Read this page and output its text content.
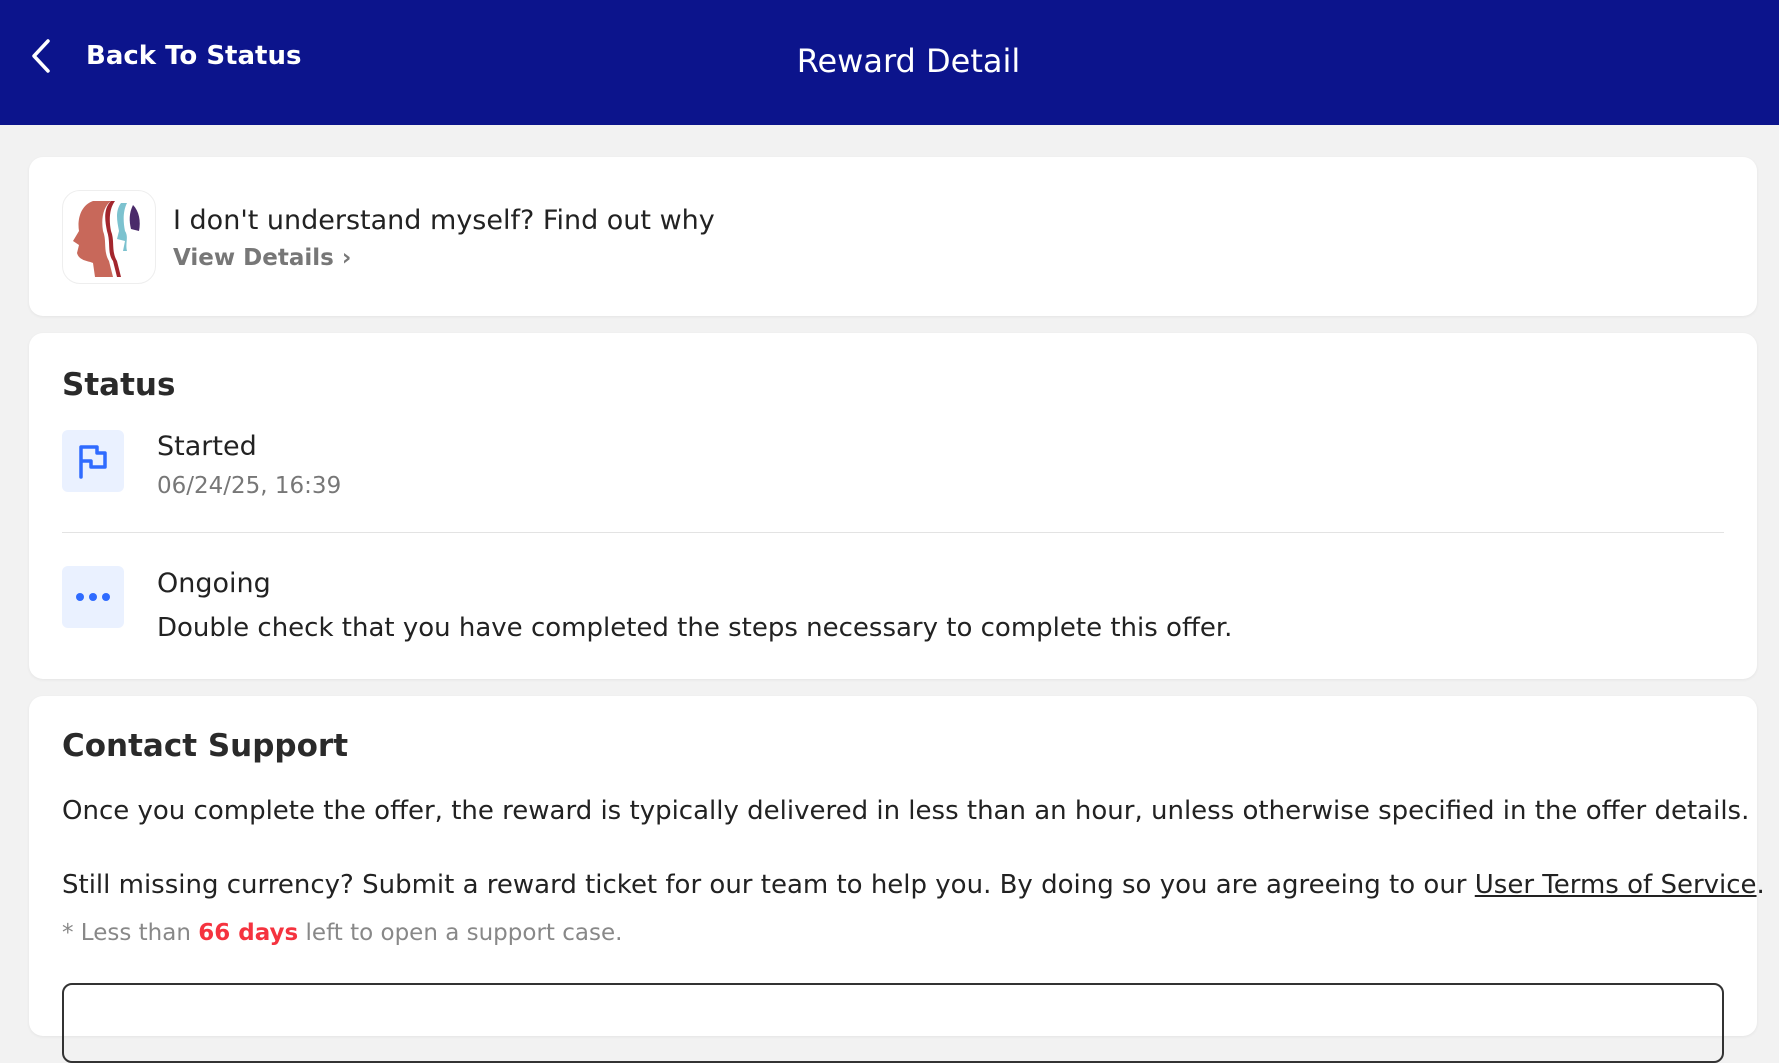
Back To Status	Reward Detail
I don't understand myself? Find out why
View Details ›
Status
Started
06/24/25, 16:39
Ongoing
Double check that you have completed the steps necessary to complete this offer.
Contact Support
Once you complete the offer, the reward is typically delivered in less than an hour, unless otherwise specified in the offer details.
Still missing currency? Submit a reward ticket for our team to help you. By doing so you are agreeing to our User Terms of Service.
* Less than 66 days left to open a support case.
